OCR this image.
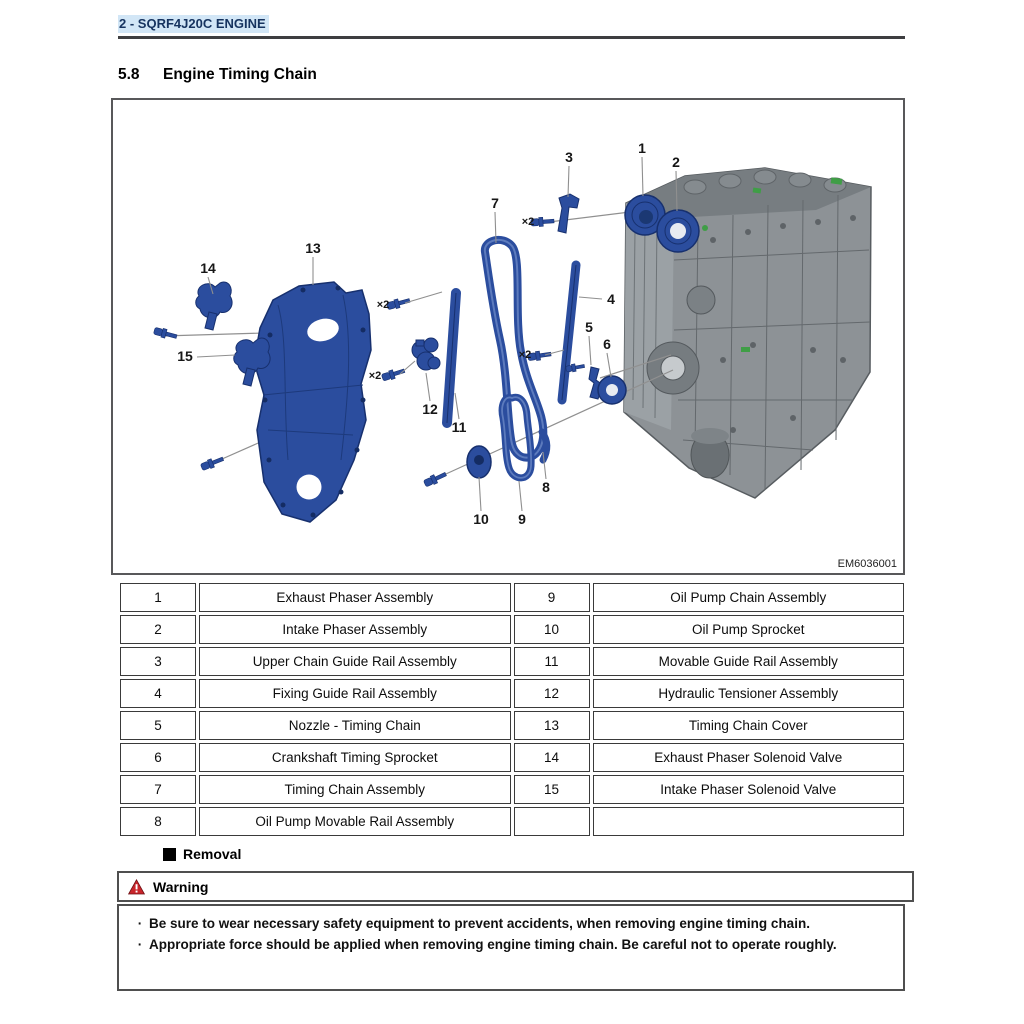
2 - SQRF4J20C ENGINE
5.8 Engine Timing Chain
1
2
3
7
13
14
4
5
6
15
12
11
8
10 9
×2
×2
×2
×2
EM6036001
1	Exhaust Phaser Assembly	9	Oil Pump Chain Assembly
2	Intake Phaser Assembly	10	Oil Pump Sprocket
3	Upper Chain Guide Rail Assembly	11	Movable Guide Rail Assembly
4	Fixing Guide Rail Assembly	12	Hydraulic Tensioner Assembly
5	Nozzle - Timing Chain	13	Timing Chain Cover
6	Crankshaft Timing Sprocket	14	Exhaust Phaser Solenoid Valve
7	Timing Chain Assembly	15	Intake Phaser Solenoid Valve
8	Oil Pump Movable Rail Assembly
Removal
Warning
· Be sure to wear necessary safety equipment to prevent accidents, when removing engine timing chain.
· Appropriate force should be applied when removing engine timing chain. Be careful not to operate roughly.
